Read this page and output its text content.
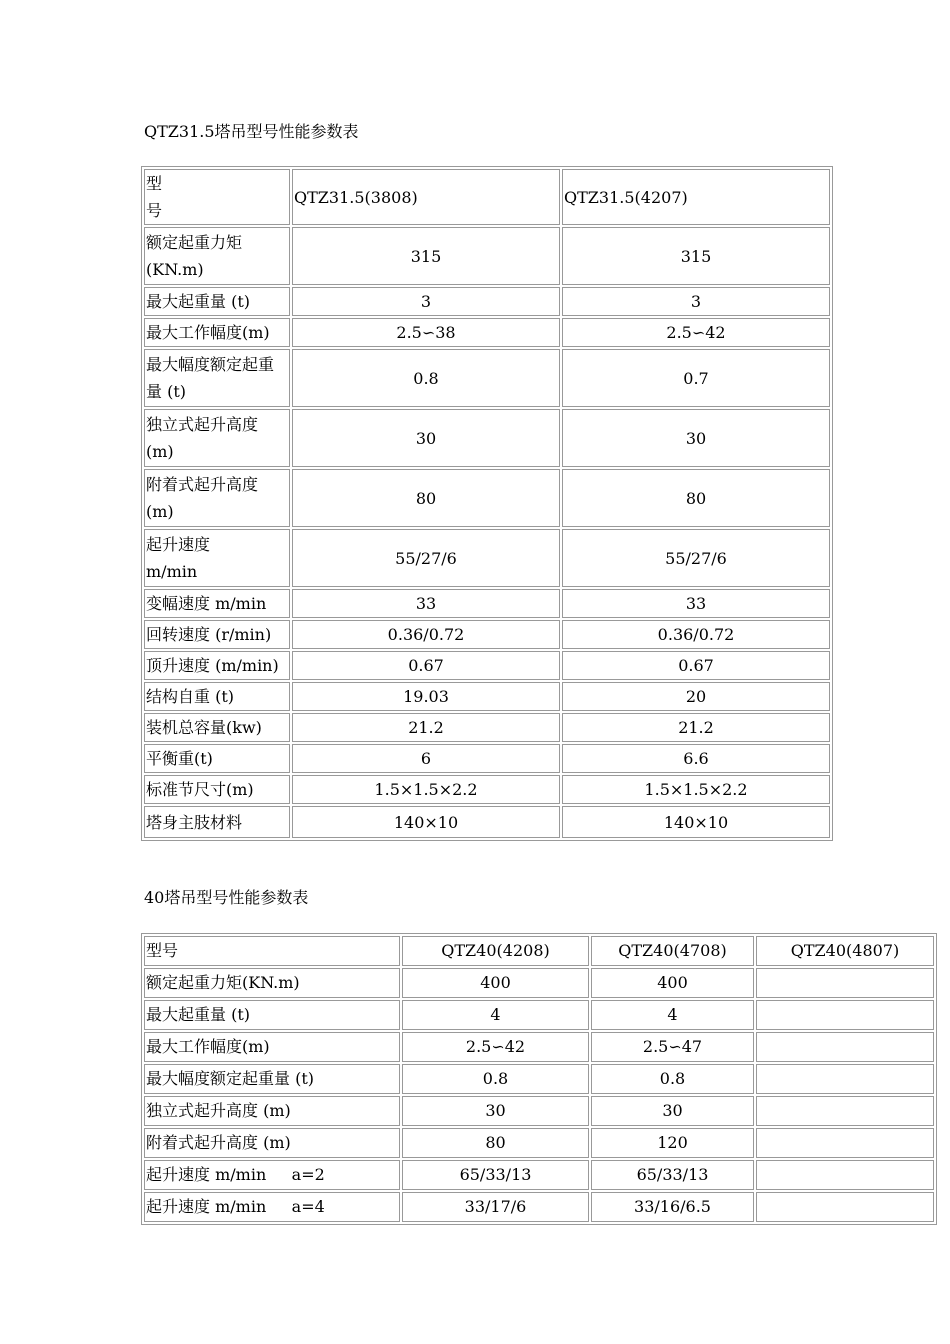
QTZ31.5塔吊型号性能参数表
型
号	QTZ31.5(3808)	QTZ31.5(4207)
额定起重力矩
(KN.m)	315	315
最大起重量 (t)	3	3
最大工作幅度(m)	2.5∽38	2.5∽42
最大幅度额定起重
量 (t)	0.8	0.7
独立式起升高度
(m)	30	30
附着式起升高度
(m)	80	80
起升速度
m/min	55/27/6	55/27/6
变幅速度 m/min	33	33
回转速度 (r/min)	0.36/0.72	0.36/0.72
顶升速度 (m/min)	0.67	0.67
结构自重 (t)	19.03	20
装机总容量(kw)	21.2	21.2
平衡重(t)	6	6.6
标准节尺寸(m)	1.5×1.5×2.2	1.5×1.5×2.2
塔身主肢材料	140×10	140×10
40塔吊型号性能参数表
型号	QTZ40(4208)	QTZ40(4708)	QTZ40(4807)
额定起重力矩(KN.m)	400	400	
最大起重量 (t)	4	4	
最大工作幅度(m)	2.5∽42	2.5∽47	
最大幅度额定起重量 (t)	0.8	0.8	
独立式起升高度 (m)	30	30	
附着式起升高度 (m)	80	120	
起升速度 m/min     a=2	65/33/13	65/33/13	
起升速度 m/min     a=4	33/17/6	33/16/6.5	
